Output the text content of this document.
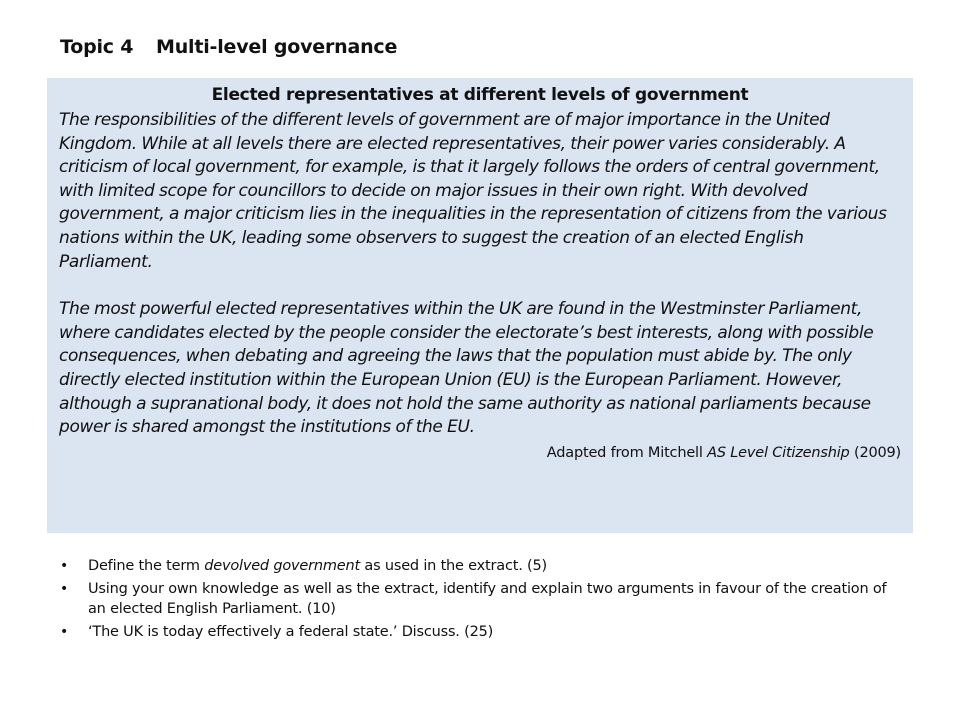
Topic 4 Multi-level governance
Elected representatives at different levels of government

The responsibilities of the different levels of government are of major importance in the United Kingdom. While at all levels there are elected representatives, their power varies considerably. A criticism of local government, for example, is that it largely follows the orders of central government, with limited scope for councillors to decide on major issues in their own right. With devolved government, a major criticism lies in the inequalities in the representation of citizens from the various nations within the UK, leading some observers to suggest the creation of an elected English Parliament.

The most powerful elected representatives within the UK are found in the Westminster Parliament, where candidates elected by the people consider the electorate’s best interests, along with possible consequences, when debating and agreeing the laws that the population must abide by. The only directly elected institution within the European Union (EU) is the European Parliament. However, although a supranational body, it does not hold the same authority as national parliaments because power is shared amongst the institutions of the EU.

Adapted from Mitchell AS Level Citizenship (2009)
• Define the term devolved government as used in the extract. (5)
• Using your own knowledge as well as the extract, identify and explain two arguments in favour of the creation of an elected English Parliament. (10)
• ‘The UK is today effectively a federal state.’ Discuss. (25)
